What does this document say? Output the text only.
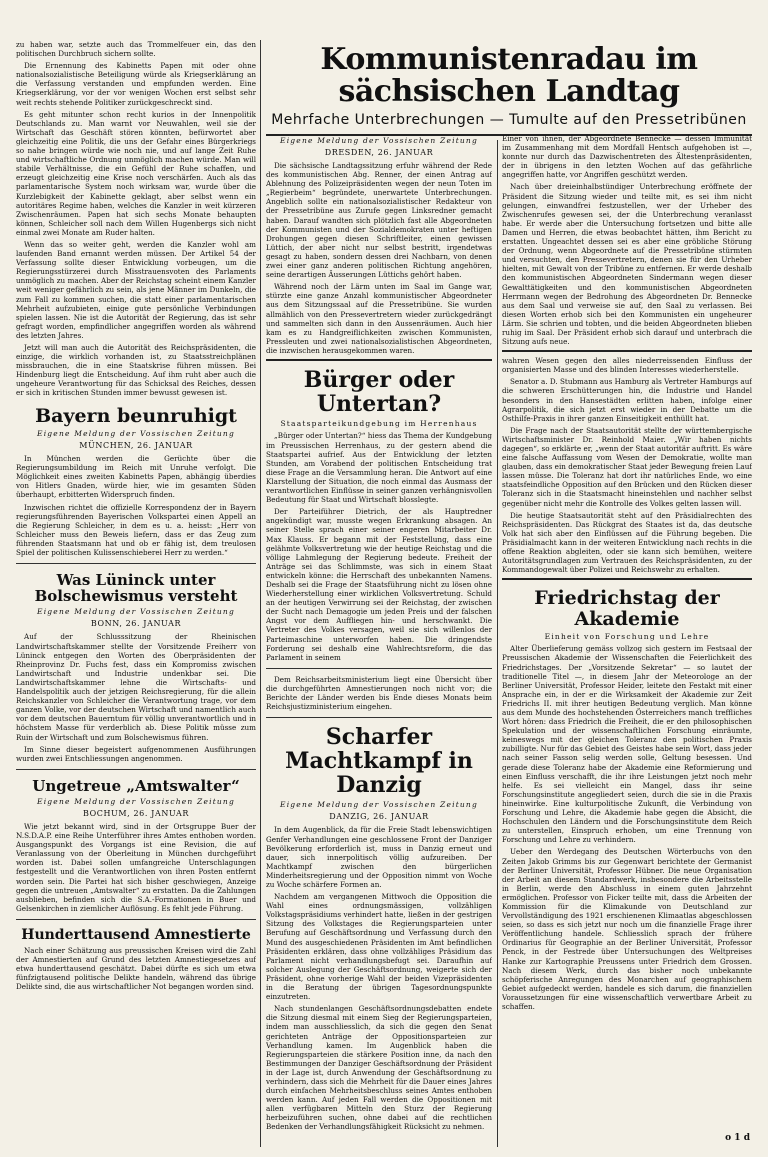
zu haben war, setzte auch das Trommelfeuer ein, das den politischen Durchbruch sichern sollte.

Die Ernennung des Kabinetts Papen mit oder ohne nationalsozialistische Beteiligung würde als Kriegserklärung an die Verfassung verstanden und empfunden werden. Eine Kriegserklärung, vor der vor wenigen Wochen erst selbst sehr weit rechts stehende Politiker zurückgeschreckt sind.

Es geht mitunter schon recht kurios in der Innenpolitik Deutschlands zu. Man warnt vor Neuwahlen, weil sie der Wirtschaft das Geschäft stören könnten, befürwortet aber gleichzeitig eine Politik, die uns der Gefahr eines Bürgerkriegs so nahe bringen würde wie noch nie, und auf lange Zeit Ruhe und wirtschaftliche Ordnung unmöglich machen würde. Man will stabile Verhältnisse, die ein Gefühl der Ruhe schaffen, und erzeugt gleichzeitig eine Krise noch verschärfen. Auch als das parlamentarische System noch wirksam war, wurde über die Kurzlebigkeit der Kabinette geklagt, aber selbst wenn ein autoritäres Regime haben, welches die Kanzler in weit kürzeren Zwischenräumen. Papen hat sich sechs Monate behaupten können, Schleicher soll nach dem Willen Hugenbergs sich nicht einmal zwei Monate am Ruder halten.

Wenn das so weiter geht, werden die Kanzler wohl am laufenden Band ernannt werden müssen. Der Artikel 54 der Verfassung sollte dieser Entwicklung vorbeugen, um die Regierungsstürzerei durch Misstrauensvoten des Parlaments unmöglich zu machen. Aber der Reichstag scheint einem Kanzler weit weniger gefährlich zu sein, als jene Männer im Dunkeln, die zum Fall zu kommen suchen, die statt einer parlamentarischen Mehrheit aufzubieten, einige gute persönliche Verbindungen spielen lassen. Nie ist die Autorität der Regierung, das ist sehr gefragt worden, empfindlicher angegriffen worden als während des letzten Jahres.

Jetzt will man auch die Autorität des Reichspräsidenten, die einzige, die wirklich vorhanden ist, zu Staatsstreichplänen missbrauchen, die in eine Staatskrise führen müssen. Bei Hindenburg liegt die Entscheidung. Auf ihm ruht aber auch die ungeheure Verantwortung für das Schicksal des Reiches, dessen er sich in kritischen Stunden immer bewusst gewesen ist.

Bayern beunruhigt
Eigene Meldung der Vossischen Zeitung
MÜNCHEN, 26. JANUAR

In München werden die Gerüchte über die Regierungsumbildung im Reich mit Unruhe verfolgt. Die Möglichkeit eines zweiten Kabinetts Papen, abhängig überdies von Hitlers Gnaden, würde hier, wie im gesamten Süden überhaupt, erbitterten Widerspruch finden.

Inzwischen richtet die offizielle Korrespondenz der in Bayern regierungsführenden Bayerischen Volkspartei einen Appell an die Regierung Schleicher, in dem es u. a. heisst: „Herr von Schleicher muss den Beweis liefern, dass er das Zeug zum führenden Staatsmann hat und ob er fähig ist, dem treulosen Spiel der politischen Kulissenschieberei Herr zu werden.“

Was Lüninck unter Bolschewismus versteht
Eigene Meldung der Vossischen Zeitung
BONN, 26. JANUAR

Auf der Schlusssitzung der Rheinischen Landwirtschaftskammer stellte der Vorsitzende Freiherr von Lüninck entgegen den Worten des Oberpräsidenten der Rheinprovinz Dr. Fuchs fest, dass ein Kompromiss zwischen Landwirtschaft und Industrie undenkbar sei. Die Landwirtschaftskammer lehne die Wirtschafts- und Handelspolitik auch der jetzigen Reichsregierung, für die allein Reichskanzler von Schleicher die Verantwortung trage, vor dem ganzen Volke, vor der deutschen Wirtschaft und namentlich auch vor dem deutschen Bauerntum für völlig unverantwortlich und in höchstem Masse für verderblich ab. Diese Politik müsse zum Ruin der Wirtschaft und zum Bolschewismus führen.

Im Sinne dieser begeistert aufgenommenen Ausführungen wurden zwei Entschliessungen angenommen.

Ungetreue „Amtswalter“
Eigene Meldung der Vossischen Zeitung
BOCHUM, 26. JANUAR

Wie jetzt bekannt wird, sind in der Ortsgruppe Buer der N.S.D.A.P. eine Reihe Unterführer ihres Amtes enthoben worden. Ausgangspunkt des Vorgangs ist eine Revision, die auf Veranlassung von der Oberleitung in München durchgeführt worden ist. Dabei sollen umfangreiche Unterschlagungen festgestellt und die Verantwortlichen von ihren Posten entfernt worden sein. Die Partei hat sich bisher geschwiegen, Anzeige gegen die untreuen „Amtswalter“ zu erstatten. Da die Zahlungen ausblieben, befinden sich die S.A.-Formationen in Buer und Gelsenkirchen in ziemlicher Auflösung. Es fehlt jede Führung.

Hunderttausend Amnestierte

Nach einer Schätzung aus preussischen Kreisen wird die Zahl der Amnestierten auf Grund des letzten Amnestiegesetzes auf etwa hunderttausend geschätzt. Dabei dürfte es sich um etwa fünfzigtausend politische Delikte handeln, während das übrige Delikte sind, die aus wirtschaftlicher Not begangen worden sind.

Kommunistenradau im sächsischen Landtag
Mehrfache Unterbrechungen — Tumulte auf den Pressetribünen
Eigene Meldung der Vossischen Zeitung
DRESDEN, 26. JANUAR

Die sächsische Landtagssitzung erfuhr während der Rede des kommunistischen Abg. Renner, der einen Antrag auf Ablehnung des Polizeipräsidenten wegen der neun Toten im „Regierbeim“ begründete, unerwartete Unterbrechungen. Angeblich sollte ein nationalsozialistischer Redakteur von der Pressetribüne aus Zurufe gegen Linksredner gemacht haben. Darauf wandten sich plötzlich fast alle Abgeordneten der Kommunisten und der Sozialdemokraten unter heftigen Drohungen gegen diesen Schriftleiter, einen gewissen Lüttich, der aber nicht nur selbst bestritt, irgendetwas gesagt zu haben, sondern dessen drei Nachbarn, von denen zwei einer ganz anderen politischen Richtung angehören, seine derartigen Äusserungen Lüttichs gehört haben.

Während noch der Lärm unten im Saal im Gange war, stürzte eine ganze Anzahl kommunistischer Abgeordneter aus dem Sitzungssaal auf die Pressetribüne. Sie wurden allmählich von den Pressevertretern wieder zurückgedrängt und sammelten sich dann in den Aussenräumen. Auch hier kam es zu Handgreiflichkeiten zwischen Kommunisten, Pressleuten und zwei nationalsozialistischen Abgeordneten, die inzwischen herausgekommen waren.

Bürger oder Untertan?
Staatsparteikundgebung im Herrenhaus

„Bürger oder Untertan?“ hiess das Thema der Kundgebung im Preussischen Herrenhaus, zu der gestern abend die Staatspartei aufrief. Aus der Entwicklung der letzten Stunden, am Vorabend der politischen Entscheidung trat diese Frage an die Versammlung heran. Die Antwort auf eine Klarstellung der Situation, die noch einmal das Ausmass der verantwortlichen Einflüsse in seiner ganzen verhängnisvollen Bedeutung für Staat und Wirtschaft blosslegte.

Der Parteiführer Dietrich, der als Hauptredner angekündigt war, musste wegen Erkrankung absagen. An seiner Stelle sprach einer seiner engeren Mitarbeiter Dr. Max Klauss. Er begann mit der Feststellung, dass eine gelähmte Volksvertretung wie der heutige Reichstag und die völlige Lahmlegung der Regierung bedeute. Freiheit der Anträge sei das Schlimmste, was sich in einem Staat entwickeln könne: die Herrschaft des unbekannten Namens. Deshalb sei die Frage der Staatsführung nicht zu lösen ohne Wiederherstellung einer wirklichen Volksvertretung. Schuld an der heutigen Verwirrung sei der Reichstag, der zwischen der Sucht nach Demagogie um jeden Preis und der falschen Angst vor dem Auffliegen hin- und herschwankt. Die Vertreter des Volkes versagen, weil sie sich willenlos der Parteimaschine unterworfen haben. Die dringendste Forderung sei deshalb eine Wahlrechtsreform, die das Parlament in seinem

Dem Reichsarbeitsministerium liegt eine Übersicht über die durchgeführten Amnestierungen noch nicht vor; die Berichte der Länder werden bis Ende dieses Monats beim Reichsjustizministerium eingehen.

Scharfer Machtkampf in Danzig
Eigene Meldung der Vossischen Zeitung
DANZIG, 26. JANUAR

In dem Augenblick, da für die Freie Stadt lebenswichtigen Genfer Verhandlungen eine geschlossene Front der Danziger Bevölkerung erforderlich ist, muss in Danzig erneut und dauer, sich innerpolitisch völlig aufzureiben. Der Machtkampf zwischen den bürgerlichen Minderheitsregierung und der Opposition nimmt von Woche zu Woche schärfere Formen an.

Nachdem am vergangenen Mittwoch die Opposition die Wahl eines ordnungsmässigen, vollzähligen Volkstagspräsidiums verhindert hatte, ließen in der gestrigen Sitzung des Volkstages die Regierungsparteien unter Berufung auf Geschäftsordnung und Verfassung durch den Mund des ausgeschiedenen Präsidenten im Amt befindlichen Präsidenten erklären, dass ohne vollzähliges Präsidium das Parlament nicht verhandlungsbefugt sei. Daraufhin auf solcher Auslegung der Geschäftsordnung, weigerte sich der Präsident, ohne vorherige Wahl der beiden Vizepräsidenten in die Beratung der übrigen Tagesordnungspunkte einzutreten.

Nach stundenlangen Geschäftsordnungsdebatten endete die Sitzung diesmal mit einem Sieg der Regierungsparteien, indem man ausschliesslich, da sich die gegen den Senat gerichteten Anträge der Oppositionsparteien zur Verhandlung kamen. Im Augenblick haben die Regierungsparteien die stärkere Position inne, da nach den Bestimmungen der Danziger Geschäftsordnung der Präsident in der Lage ist, durch Anwendung der Geschäftsordnung zu verhindern, dass sich die Mehrheit für die Dauer eines Jahres durch einfachen Mehrheitsbeschluss seines Amtes enthoben werden kann. Auf jeden Fall werden die Oppositionen mit allen verfügbaren Mitteln den Sturz der Regierung herbeizuführen suchen, ohne dabei auf die rechtlichen Bedenken der Verhandlungsfähigkeit Rücksicht zu nehmen.

Einer von ihnen, der Abgeordnete Bennecke — dessen Immunität im Zusammenhang mit dem Mordfall Hentsch aufgehoben ist —, konnte nur durch das Dazwischentreten des Ältestenpräsidenten, der in übrigens in den letzten Wochen auf das gefährliche angegriffen hatte, vor Angriffen geschützt werden.

Nach über dreieinhalbstündiger Unterbrechung eröffnete der Präsident die Sitzung wieder und teilte mit, es sei ihm nicht gelungen, einwandfrei festzustellen, wer der Urheber des Zwischenrufes gewesen sei, der die Unterbrechung veranlasst habe. Er werde aber die Untersuchung fortsetzen und bitte alle Damen und Herren, die etwas beobachtet hätten, ihm Bericht zu erstatten. Ungeachtet dessen sei es aber eine gröbliche Störung der Ordnung, wenn Abgeordnete auf die Pressetribüne stürmten und versuchten, den Pressevertretern, denen sie für den Urheber hielten, mit Gewalt von der Tribüne zu entfernen. Er werde deshalb den kommunistischen Abgeordneten Sindermann wegen dieser Gewalttätigkeiten und den kommunistischen Abgeordneten Herrmann wegen der Bedrohung des Abgeordneten Dr. Bennecke aus dem Saal und verweise sie auf, den Saal zu verlassen. Bei diesen Worten erhob sich bei den Kommunisten ein ungeheurer Lärm. Sie schrien und tobten, und die beiden Abgeordneten blieben ruhig im Saal. Der Präsident erhob sich darauf und unterbrach die Sitzung aufs neue.

wahren Wesen gegen den alles niederreissenden Einfluss der organisierten Masse und des blinden Interesses wiederherstelle.

Senator a. D. Stubmann aus Hamburg als Vertreter Hamburgs auf die schweren Erschütterungen hin, die Industrie und Handel besonders in den Hansestädten erlitten haben, infolge einer Agrarpolitik, die sich jetzt erst wieder in der Debatte um die Osthilfe-Praxis in ihrer ganzen Einseitigkeit enthüllt hat.

Die Frage nach der Staatsautorität stellte der württembergische Wirtschaftsminister Dr. Reinhold Maier. „Wir haben nichts dagegen“, so erklärte er, „wenn der Staat autoritär auftritt. Es wäre eine falsche Auffassung vom Wesen der Demokratie, wollte man glauben, dass ein demokratischer Staat jeder Bewegung freien Lauf lassen müsse. Die Toleranz hat dort ihr natürliches Ende, wo eine staatsfeindliche Opposition auf den Brücken und den Rücken dieser Toleranz sich in die Staatsmacht hineinstehlen und nachher selbst gegenüber nicht mehr die Kontrolle des Volkes gelten lassen will.

Die heutige Staatsautorität steht auf den Präsidialrechten des Reichspräsidenten. Das Rückgrat des Staates ist da, das deutsche Volk hat sich aber den Einflüssen auf die Führung begeben. Die Präsidialmacht kann in der weiteren Entwicklung nach rechts in die offene Reaktion abgleiten, oder sie kann sich bemühen, weitere Autoritätsgrundlagen zum Vertrauen des Reichspräsidenten, zu der Kommandogewalt über Polizei und Reichswehr zu erhalten.

Friedrichstag der Akademie
Einheit von Forschung und Lehre

Alter Überlieferung gemäss vollzog sich gestern im Festsaal der Preussischen Akademie der Wissenschaften die Feierlichkeit des Friedrichstages. Der „Vorsitzende Sekretar“ — so lautet der traditionelle Titel —, in diesem Jahr der Meteorologe an der Berliner Universität, Professor Heider, leitete den Festakt mit einer Ansprache ein, in der er die Wirksamkeit der Akademie zur Zeit Friedrichs II. mit ihrer heutigen Bedeutung verglich. Man könne aus dem Munde des hochstehenden Österreichers manch treffliches Wort hören: dass Friedrich die Freiheit, die er den philosophischen Spekulation und der wissenschaftlichen Forschung einräumte, keineswegs mit der gleichen Toleranz den politischen Praxis zubilligte. Nur für das Gebiet des Geistes habe sein Wort, dass jeder nach seiner Fasson selig werden solle, Geltung besessen. Und gerade diese Toleranz habe der Akademie eine Reformierung und einen Einfluss verschafft, die ihr ihre Leistungen jetzt noch mehr helfe. Es sei vielleicht ein Mangel, dass ihr seine Forschungsinstitute angegliedert seien, durch die sie in die Praxis hineinwirke. Eine kulturpolitische Zukunft, die Verbindung von Forschung und Lehre, die Akademie habe gegen die Absicht, die Hochschulen den Ländern und die Forschungsinstitute dem Reich zu unterstellen, Einspruch erhoben, um eine Trennung von Forschung und Lehre zu verhindern.

Ueber den Werdegang des Deutschen Wörterbuchs von den Zeiten Jakob Grimms bis zur Gegenwart berichtete der Germanist der Berliner Universität, Professor Hübner. Die neue Organisation der Arbeit an diesem Standardwerk, insbesondere die Arbeitsstelle in Berlin, werde den Abschluss in einem guten Jahrzehnt ermöglichen. Professor von Ficker teilte mit, dass die Arbeiten der Kommission für die Klimakunde von Deutschland zur Vervollständigung des 1921 erschienenen Klimaatlas abgeschlossen seien, so dass es sich jetzt nur noch um die finanzielle Frage ihrer Veröffentlichung handele. Schliesslich sprach der frühere Ordinarius für Geographie an der Berliner Universität, Professor Penck, in der Festrede über Untersuchungen des Weltpreises Hanke zur Kartographie Preussens unter Friedrich dem Grossen. Nach diesem Werk, durch das bisher noch unbekannte schöpferische Anregungen des Monarchen auf geographischem Gebiet aufgedeckt werden, handele es sich darum, die finanziellen Voraussetzungen für eine wissenschaftlich verwertbare Arbeit zu schaffen.

o 1 d
